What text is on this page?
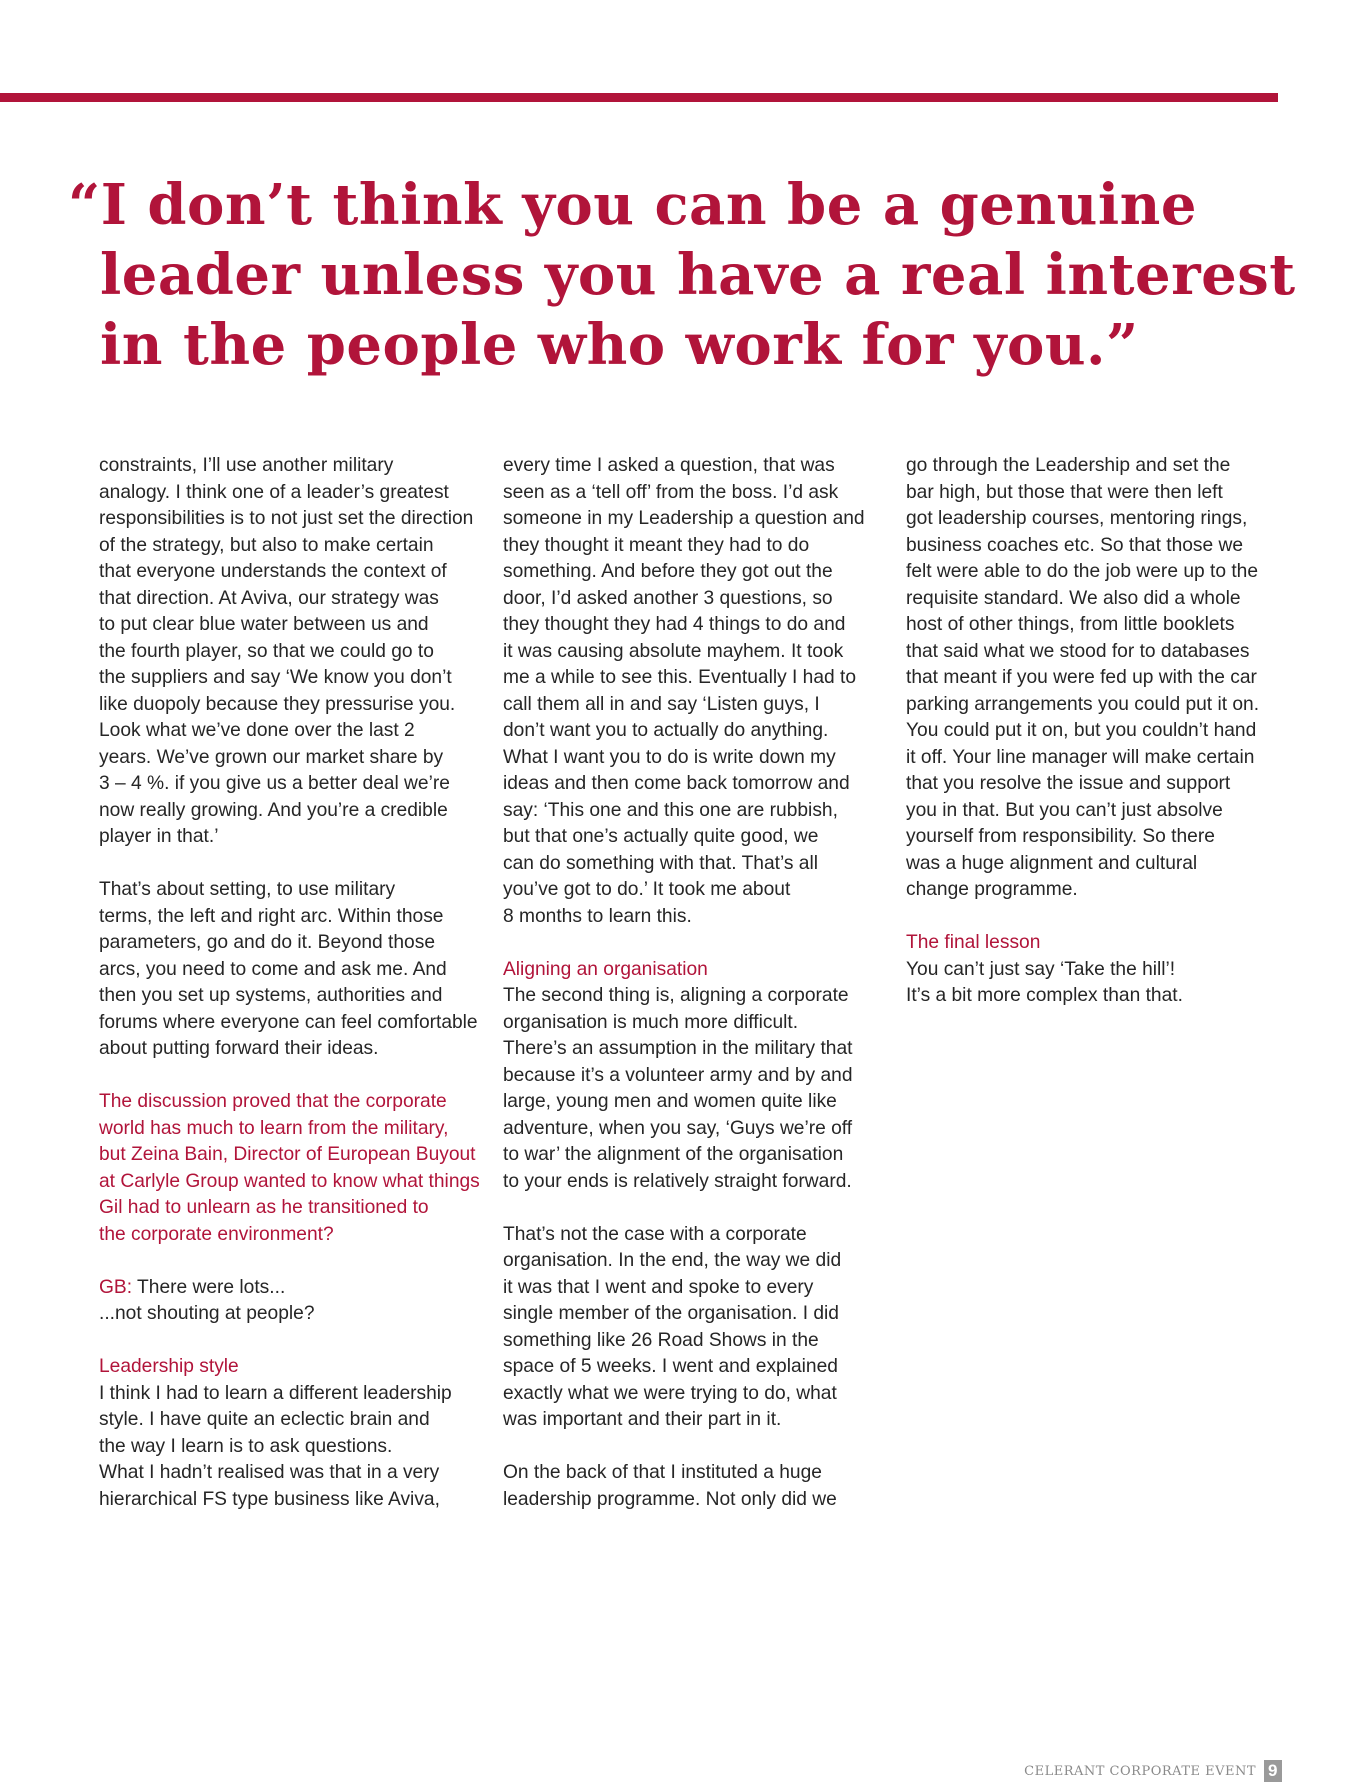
“I don’t think you can be a genuine
leader unless you have a real interest
in the people who work for you.”

constraints, I’ll use another military
analogy. I think one of a leader’s greatest
responsibilities is to not just set the direction
of the strategy, but also to make certain
that everyone understands the context of
that direction. At Aviva, our strategy was
to put clear blue water between us and
the fourth player, so that we could go to
the suppliers and say ‘We know you don’t
like duopoly because they pressurise you.
Look what we’ve done over the last 2
years. We’ve grown our market share by
3 – 4 %. if you give us a better deal we’re
now really growing. And you’re a credible
player in that.’

That’s about setting, to use military
terms, the left and right arc. Within those
parameters, go and do it. Beyond those
arcs, you need to come and ask me. And
then you set up systems, authorities and
forums where everyone can feel comfortable
about putting forward their ideas.

The discussion proved that the corporate
world has much to learn from the military,
but Zeina Bain, Director of European Buyout
at Carlyle Group wanted to know what things
Gil had to unlearn as he transitioned to
the corporate environment?

GB: There were lots...
...not shouting at people?

Leadership style
I think I had to learn a different leadership
style. I have quite an eclectic brain and
the way I learn is to ask questions.
What I hadn’t realised was that in a very
hierarchical FS type business like Aviva,

every time I asked a question, that was
seen as a ‘tell off’ from the boss. I’d ask
someone in my Leadership a question and
they thought it meant they had to do
something. And before they got out the
door, I’d asked another 3 questions, so
they thought they had 4 things to do and
it was causing absolute mayhem. It took
me a while to see this. Eventually I had to
call them all in and say ‘Listen guys, I
don’t want you to actually do anything.
What I want you to do is write down my
ideas and then come back tomorrow and
say: ‘This one and this one are rubbish,
but that one’s actually quite good, we
can do something with that. That’s all
you’ve got to do.’ It took me about
8 months to learn this.

Aligning an organisation
The second thing is, aligning a corporate
organisation is much more difficult.
There’s an assumption in the military that
because it’s a volunteer army and by and
large, young men and women quite like
adventure, when you say, ‘Guys we’re off
to war’ the alignment of the organisation
to your ends is relatively straight forward.

That’s not the case with a corporate
organisation. In the end, the way we did
it was that I went and spoke to every
single member of the organisation. I did
something like 26 Road Shows in the
space of 5 weeks. I went and explained
exactly what we were trying to do, what
was important and their part in it.

On the back of that I instituted a huge
leadership programme. Not only did we

go through the Leadership and set the
bar high, but those that were then left
got leadership courses, mentoring rings,
business coaches etc. So that those we
felt were able to do the job were up to the
requisite standard. We also did a whole
host of other things, from little booklets
that said what we stood for to databases
that meant if you were fed up with the car
parking arrangements you could put it on.
You could put it on, but you couldn’t hand
it off. Your line manager will make certain
that you resolve the issue and support
you in that. But you can’t just absolve
yourself from responsibility. So there
was a huge alignment and cultural
change programme.

The final lesson
You can’t just say ‘Take the hill’!
It’s a bit more complex than that.

CELERANT CORPORATE EVENT 9
